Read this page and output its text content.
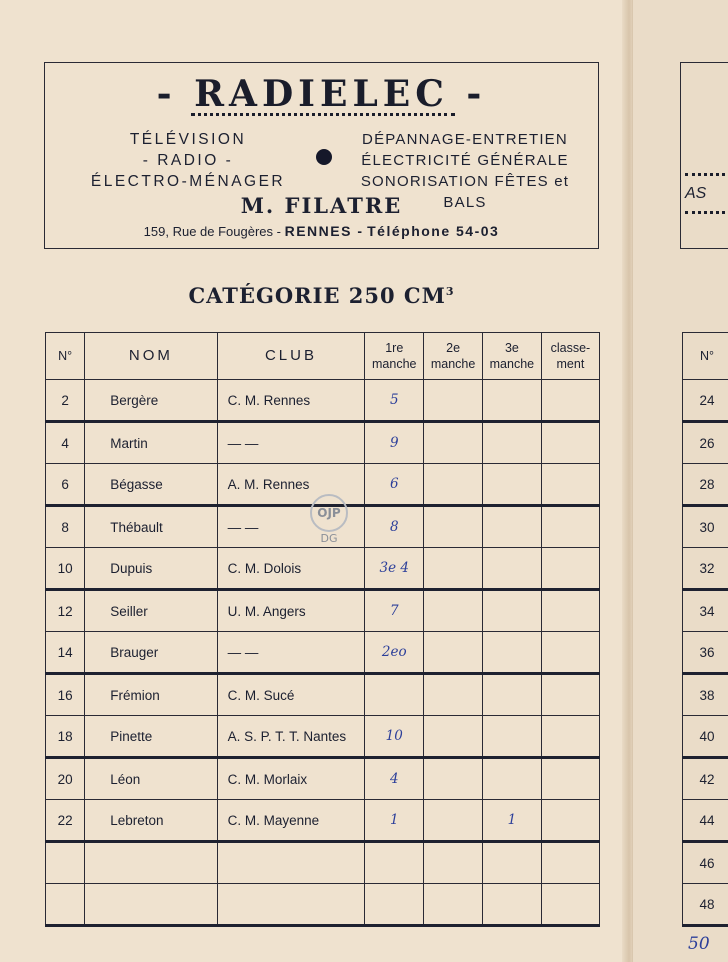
- RADIELEC -
TÉLÉVISION
- RADIO -
ÉLECTRO-MÉNAGER
DÉPANNAGE-ENTRETIEN
ÉLECTRICITÉ GÉNÉRALE
SONORISATION FÊTES et BALS
M. FILATRE
159, Rue de Fougères - RENNES - Téléphone 54-03
AS
CATÉGORIE 250 $CM^3$
N°	NOM	CLUB	1re manche	2e manche	3e manche	classe- ment
2	Bergère	C. M. Rennes	5			
4	Martin	— —	9			
6	Bégasse	A. M. Rennes	6			
8	Thébault	— —	8			
10	Dupuis	C. M. Dolois	3e 4			
12	Seiller	U. M. Angers	7			
14	Brauger	— —	2eo			
16	Frémion	C. M. Sucé				
18	Pinette	A. S. P. T. T. Nantes	10			
20	Léon	C. M. Morlaix	4			
22	Lebreton	C. M. Mayenne	1		1	

N°
24
26
28
30
32
34
36
38
40
42
44
46
48
OJP
DG
50
